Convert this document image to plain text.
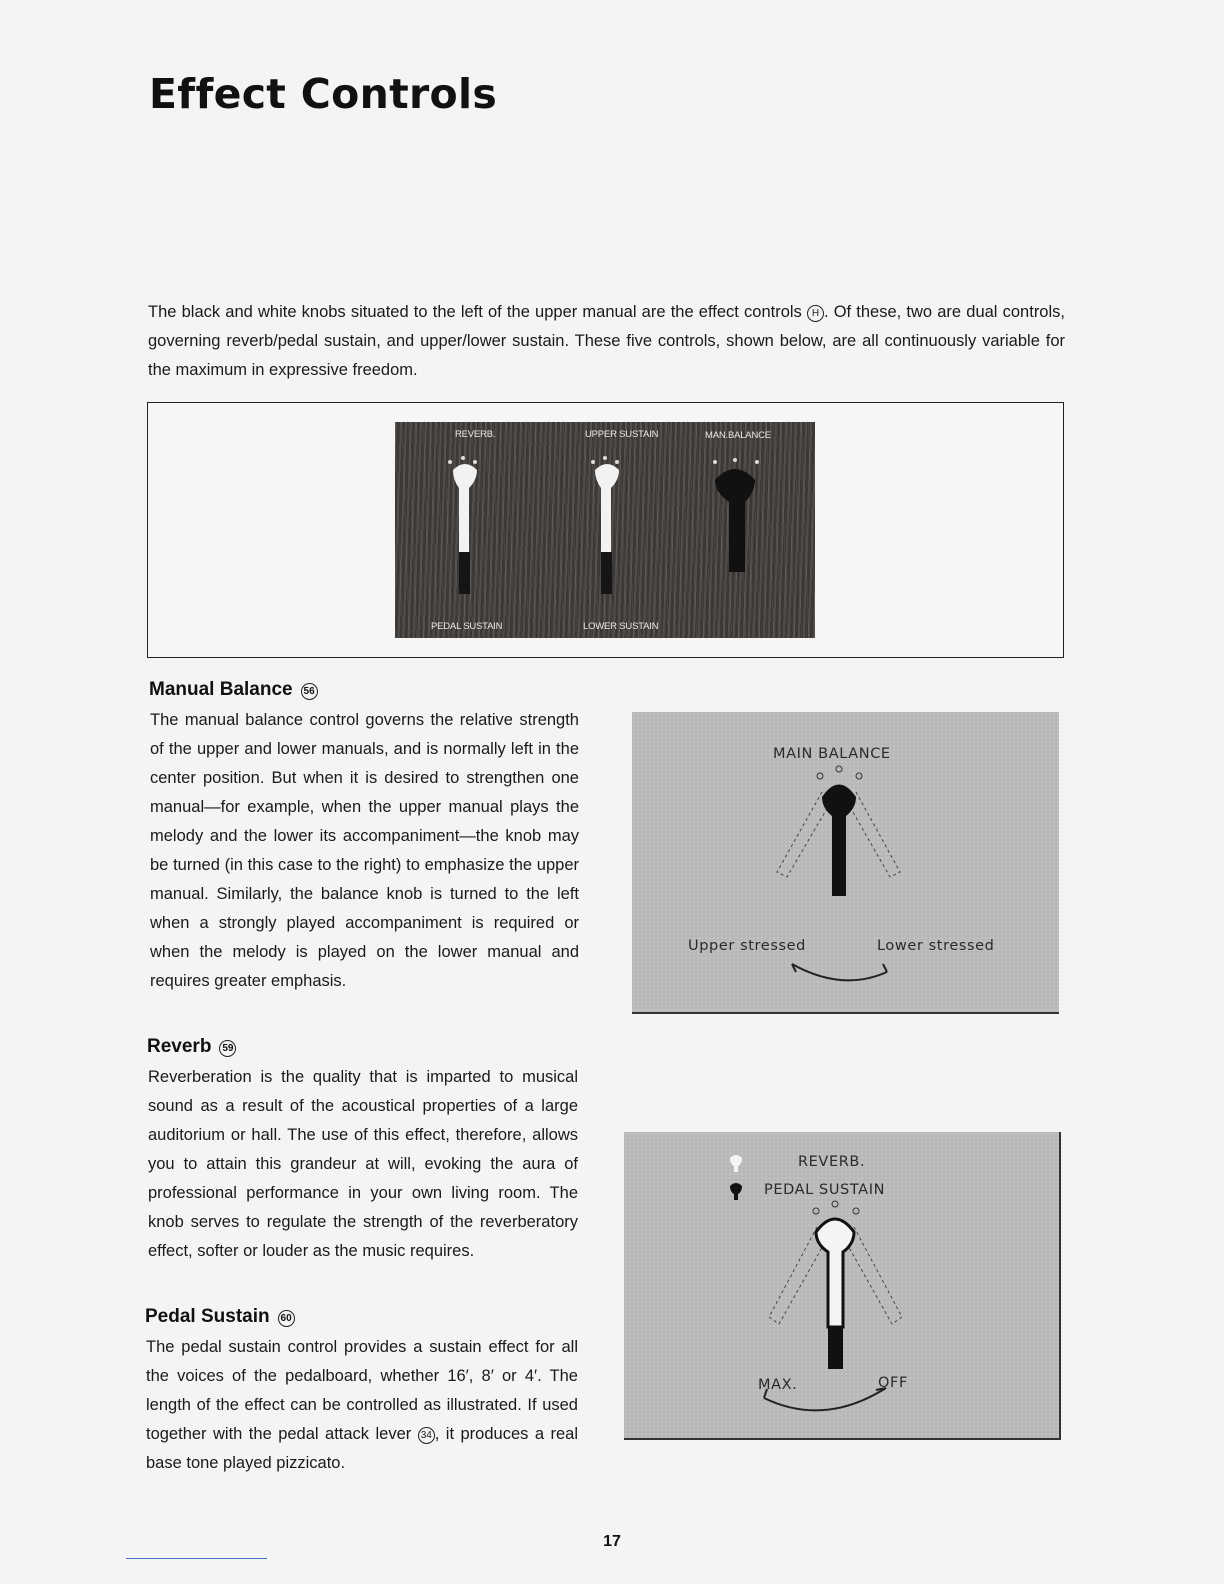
Effect Controls

The black and white knobs situated to the left of the upper manual are the effect controls H . Of these, two are dual controls, governing reverb/pedal sustain, and upper/lower sustain. These five controls, shown below, are all continuously variable for the maximum in expressive freedom.

REVERB.	UPPER SUSTAIN	MAN.BALANCE
PEDAL SUSTAIN	LOWER SUSTAIN
Manual Balance 56

The manual balance control governs the relative strength of the upper and lower manuals, and is normally left in the center position. But when it is desired to strengthen one manual—for example, when the upper manual plays the melody and the lower its accompaniment—the knob may be turned (in this case to the right) to emphasize the upper manual. Similarly, the balance knob is turned to the left when a strongly played accompaniment is required or when the melody is played on the lower manual and requires greater emphasis.

MAIN BALANCE
Upper stressed	Lower stressed
Reverb 59

Reverberation is the quality that is imparted to musical sound as a result of the acoustical properties of a large auditorium or hall. The use of this effect, therefore, allows you to attain this grandeur at will, evoking the aura of professional performance in your own living room. The knob serves to regulate the strength of the reverberatory effect, softer or louder as the music requires.

Pedal Sustain 60

The pedal sustain control provides a sustain effect for all the voices of the pedalboard, whether 16′, 8′ or 4′. The length of the effect can be controlled as illustrated. If used together with the pedal attack lever 34 , it produces a real base tone played pizzicato.

REVERB.
PEDAL SUSTAIN
MAX.	OFF
17
